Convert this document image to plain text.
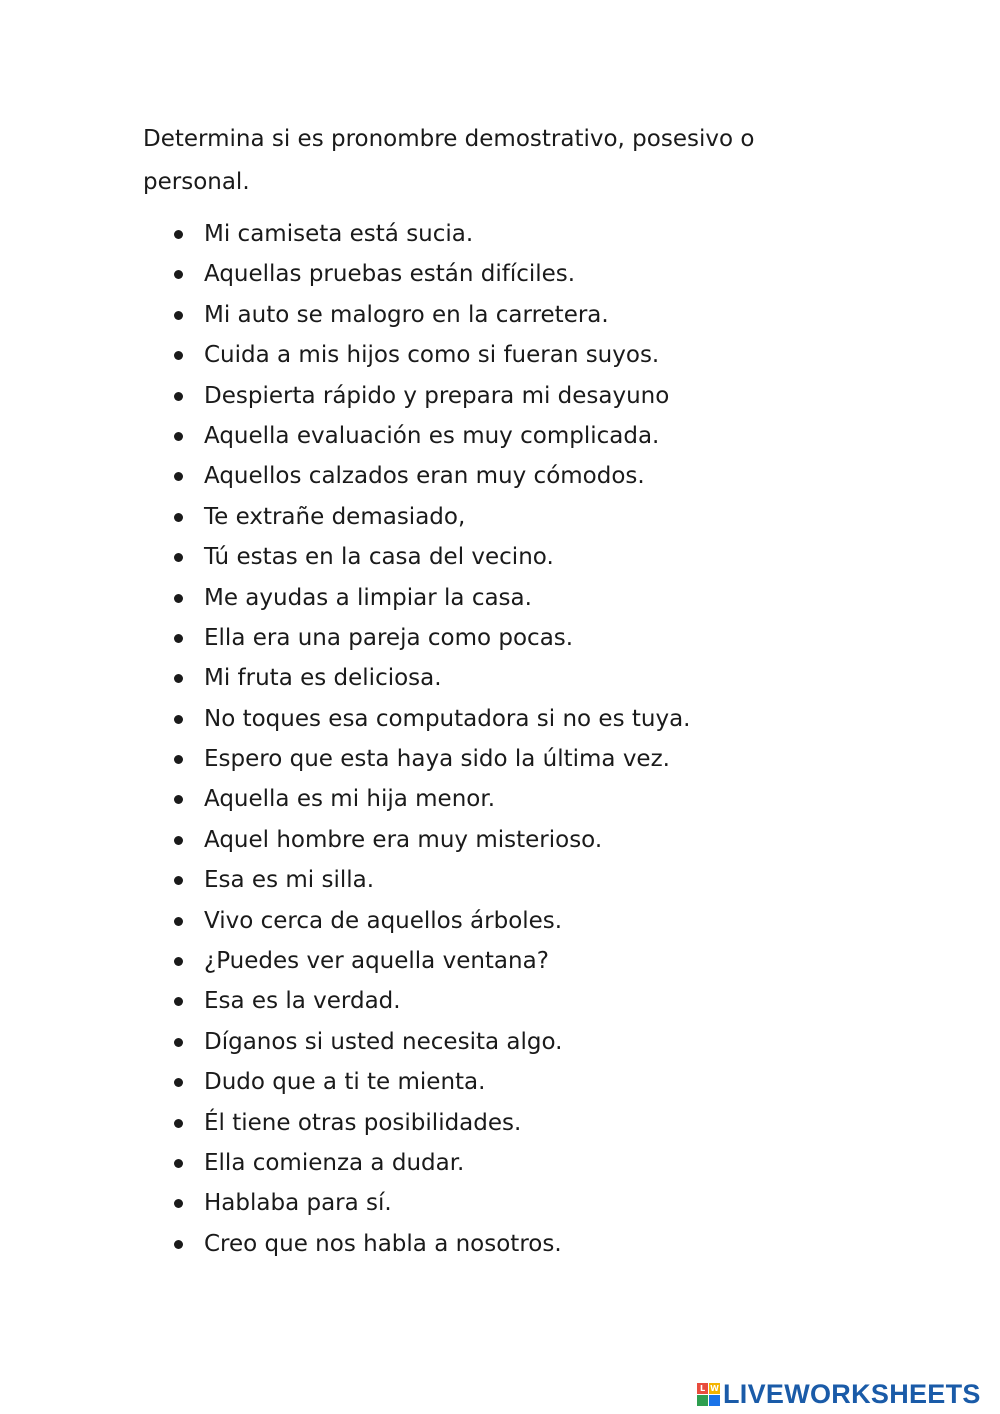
Determina si es pronombre demostrativo, posesivo o personal.

Mi camiseta está sucia.
Aquellas pruebas están difíciles.
Mi auto se malogro en la carretera.
Cuida a mis hijos como si fueran suyos.
Despierta rápido y prepara mi desayuno
Aquella evaluación es muy complicada.
Aquellos calzados eran muy cómodos.
Te extrañe demasiado,
Tú estas en la casa del vecino.
Me ayudas a limpiar la casa.
Ella era una pareja como pocas.
Mi fruta es deliciosa.
No toques esa computadora si no es tuya.
Espero que esta haya sido la última vez.
Aquella es mi hija menor.
Aquel hombre era muy misterioso.
Esa es mi silla.
Vivo cerca de aquellos árboles.
¿Puedes ver aquella ventana?
Esa es la verdad.
Díganos si usted necesita algo.
Dudo que a ti te mienta.
Él tiene otras posibilidades.
Ella comienza a dudar.
Hablaba para sí.
Creo que nos habla a nosotros.
L W LIVEWORKSHEETS
